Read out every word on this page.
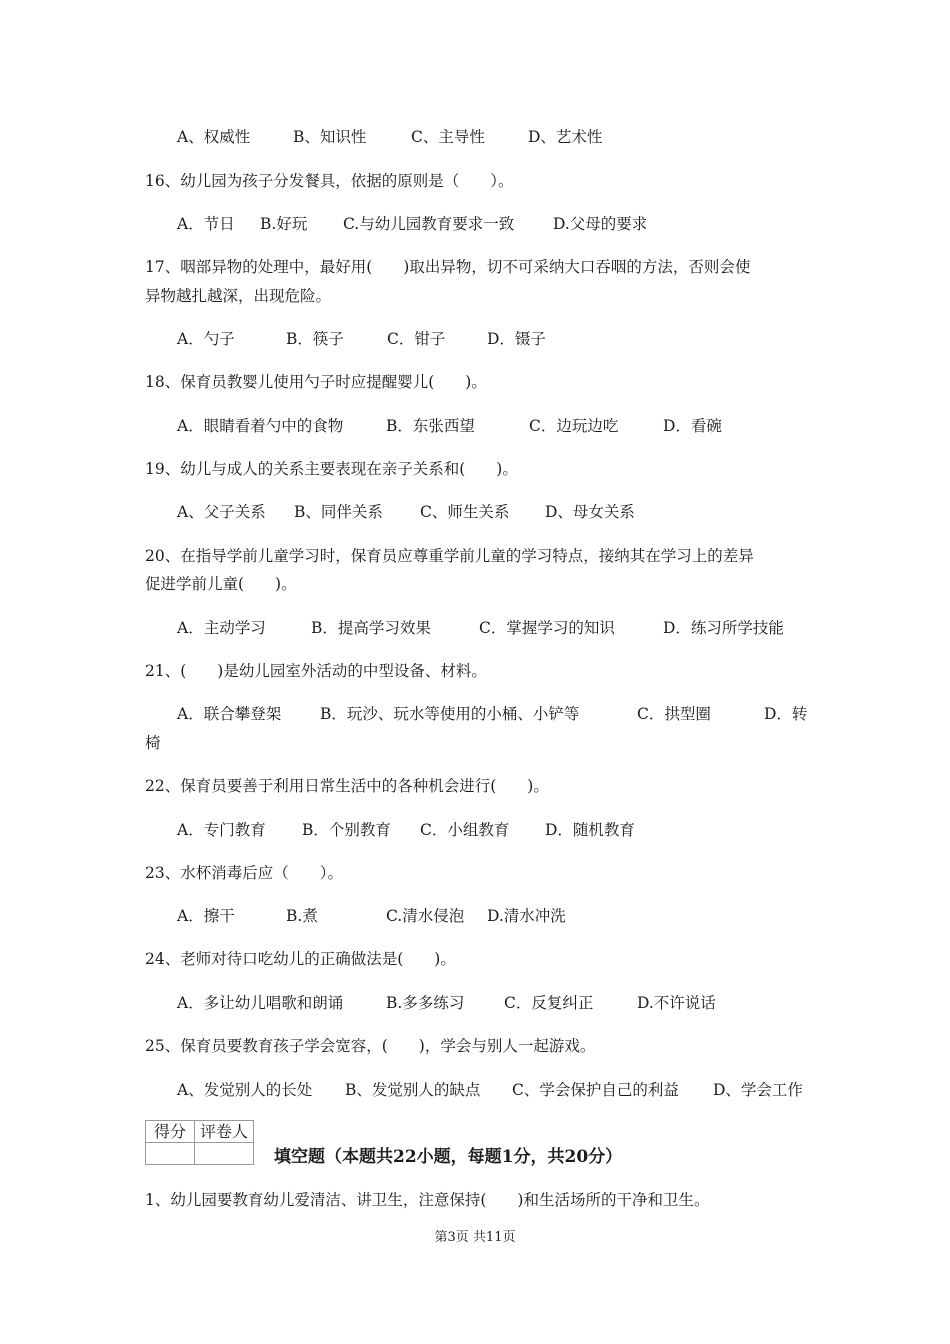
A、权威性	B、知识性	C、主导性	D、艺术性
16、幼儿园为孩子分发餐具，依据的原则是（　　）。
A．节日 B.好玩 C.与幼儿园教育要求一致	D.父母的要求
17、咽部异物的处理中，最好用(　　)取出异物，切不可采纳大口吞咽的方法，否则会使
异物越扎越深，出现危险。
A．勺子	B．筷子	C．钳子	D．镊子
18、保育员教婴儿使用勺子时应提醒婴儿(　　)。
A．眼睛看着勺中的食物	B．东张西望	C．边玩边吃	D．看碗
19、幼儿与成人的关系主要表现在亲子关系和(　　)。
A、父子关系 B、同伴关系 C、师生关系 D、母女关系
20、在指导学前儿童学习时，保育员应尊重学前儿童的学习特点，接纳其在学习上的差异
促进学前儿童(　　)。
A．主动学习	B．提高学习效果	C．掌握学习的知识	D．练习所学技能
21、(　　)是幼儿园室外活动的中型设备、材料。
A．联合攀登架	B．玩沙、玩水等使用的小桶、小铲等	C．拱型圈	D．转
椅
22、保育员要善于利用日常生活中的各种机会进行(　　)。
A．专门教育 B．个别教育 C．小组教育 D．随机教育
23、水杯消毒后应（　　）。
A．擦干	B.煮	C.清水侵泡 D.清水冲洗
24、老师对待口吃幼儿的正确做法是(　　)。
A．多让幼儿唱歌和朗诵	B.多多练习	C．反复纠正	D.不许说话
25、保育员要教育孩子学会宽容，(　　)，学会与别人一起游戏。
A、发觉别人的长处 B、发觉别人的缺点 C、学会保护自己的利益 D、学会工作
得分	评卷人

填空题（本题共22小题，每题1分，共20分）
1、幼儿园要教育幼儿爱清洁、讲卫生，注意保持(　　)和生活场所的干净和卫生。
第3页 共11页
